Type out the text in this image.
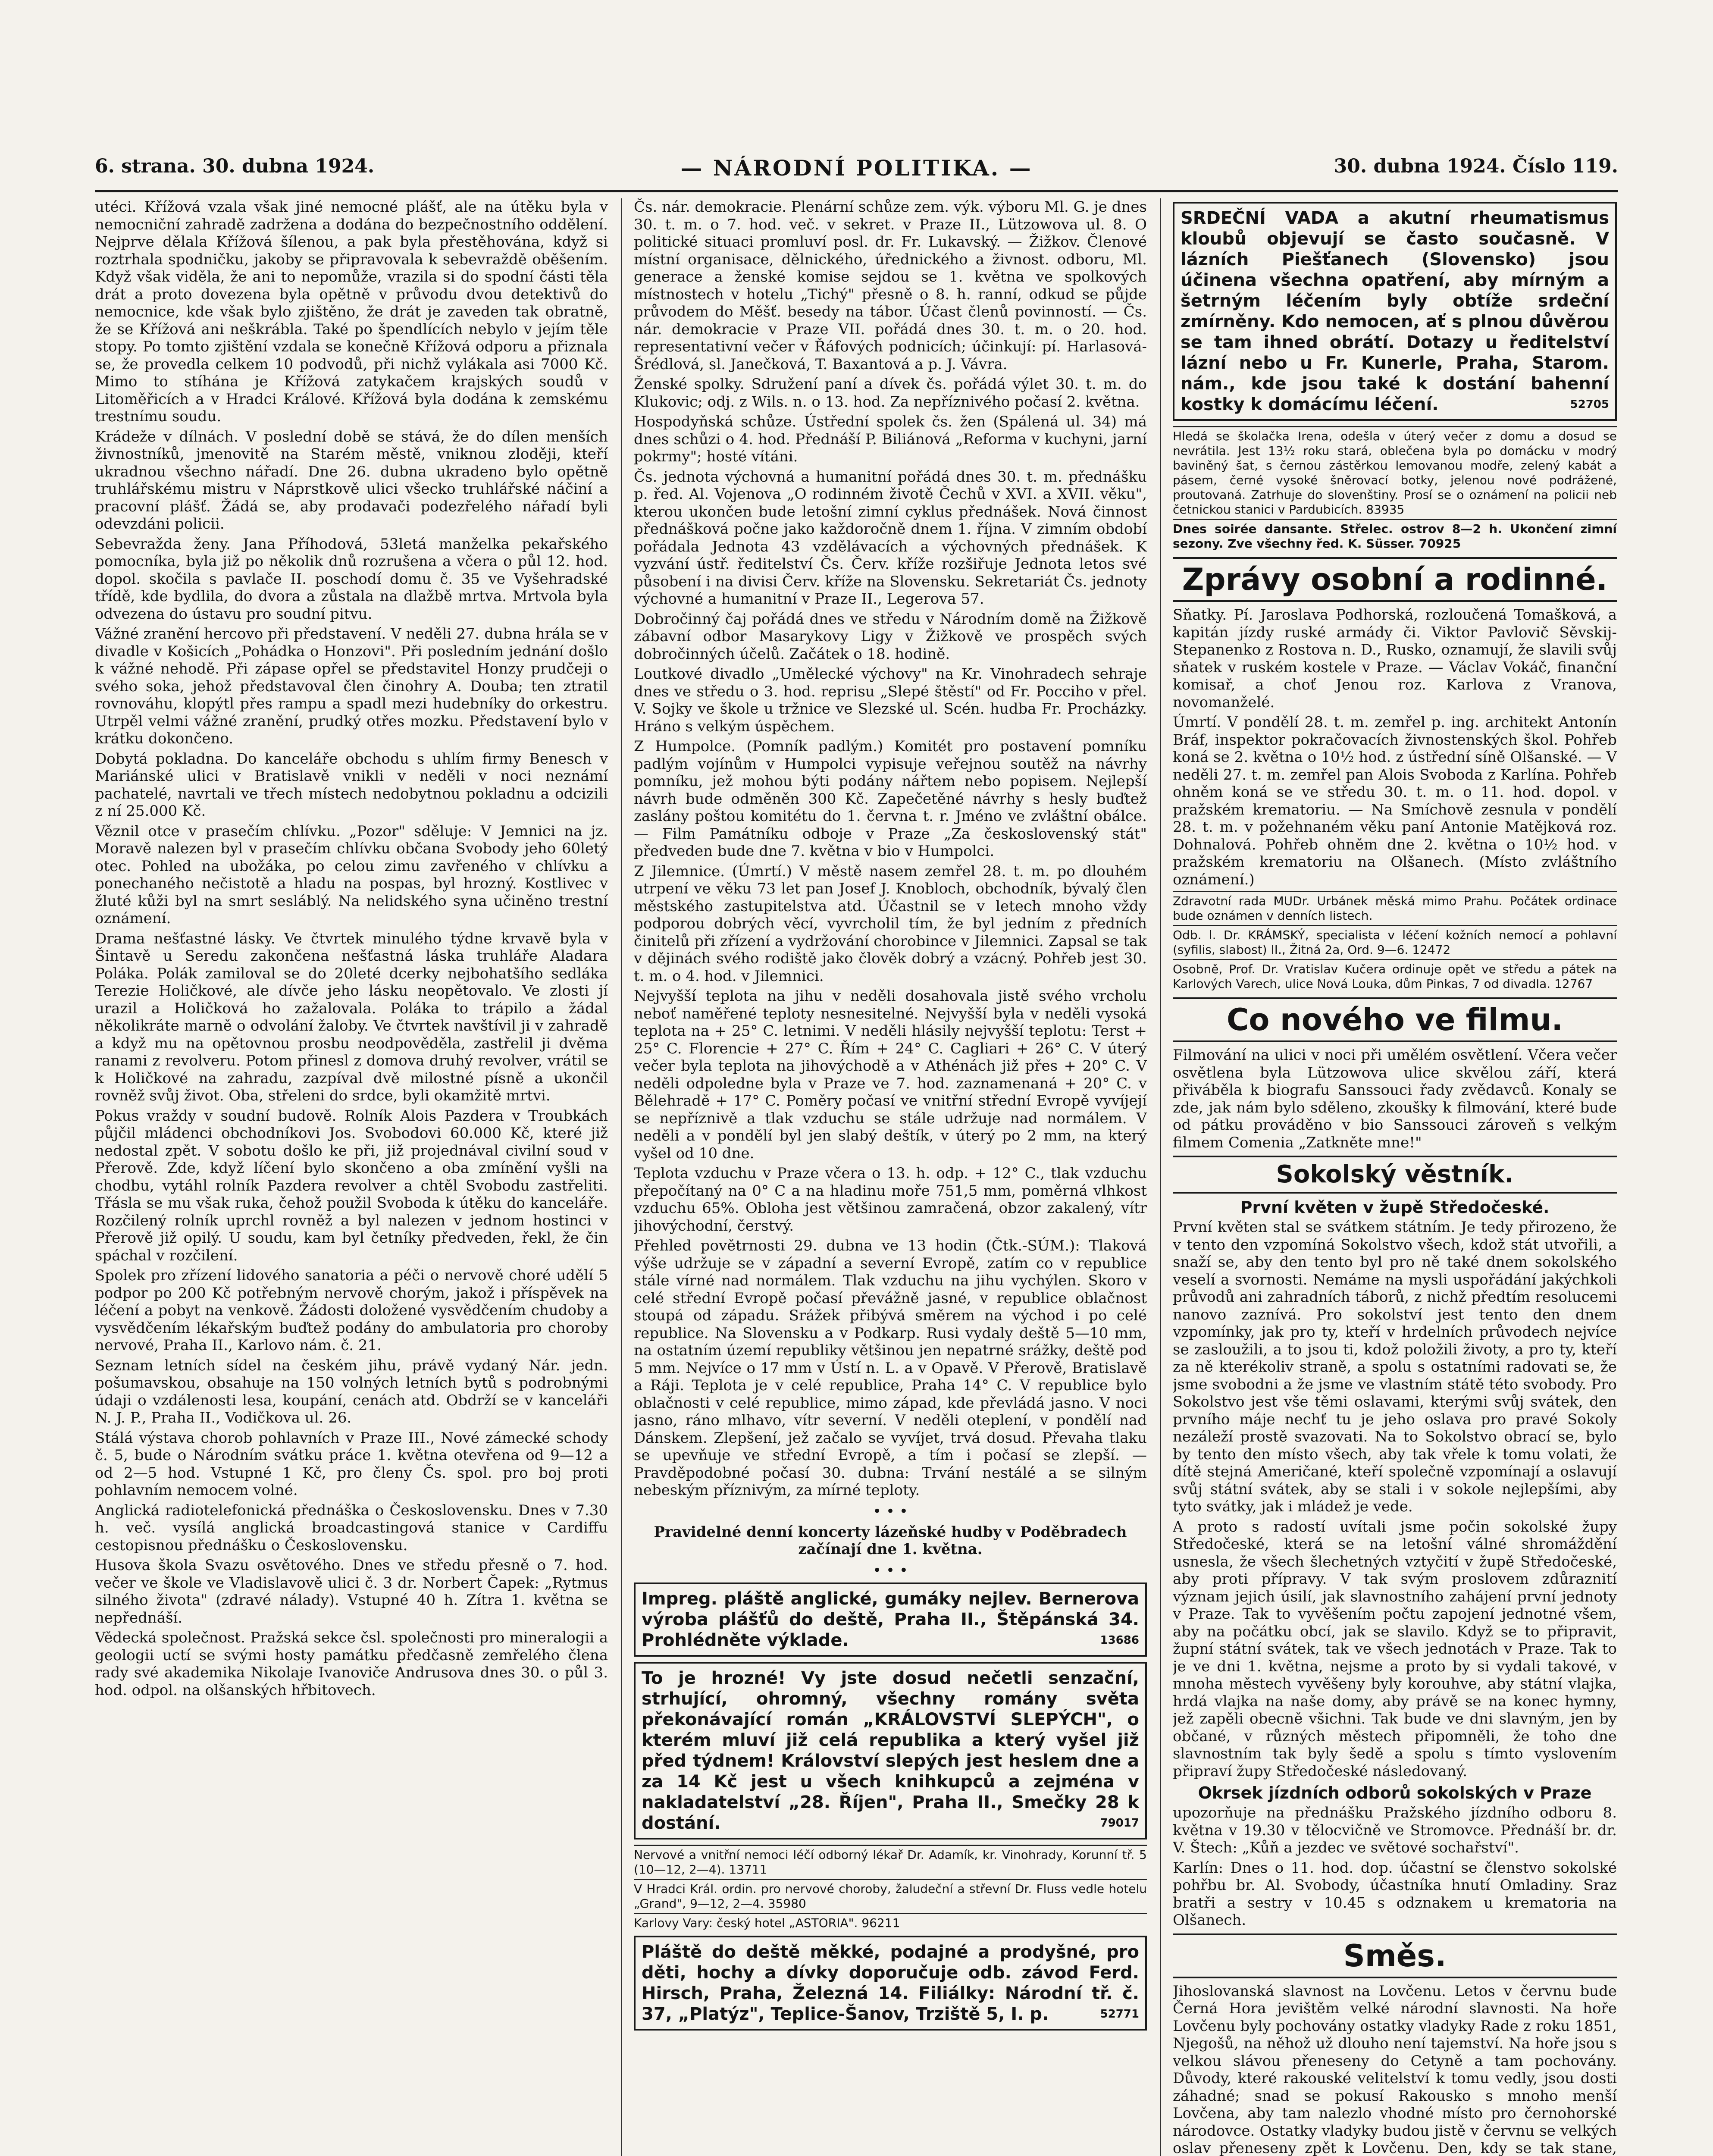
6. strana. 30. dubna 1924.	— NÁRODNÍ POLITIKA. —	30. dubna 1924. Číslo 119.

utéci. Křížová vzala však jiné nemocné plášť, ale na útěku byla v nemocniční zahradě zadržena a dodána do bezpečnostního oddělení. Nejprve dělala Křížová šílenou, a pak byla přestěhována, když si roztrhala spodničku, jakoby se připravovala k sebevraždě oběšením. Když však viděla, že ani to nepomůže, vrazila si do spodní části těla drát a proto dovezena byla opětně v průvodu dvou detektivů do nemocnice, kde však bylo zjištěno, že drát je zaveden tak obratně, že se Křížová ani neškrábla. Také po špendlících nebylo v jejím těle stopy. Po tomto zjištění vzdala se konečně Křížová odporu a přiznala se, že provedla celkem 10 podvodů, při nichž vylákala asi 7000 Kč. Mimo to stíhána je Křížová zatykačem krajských soudů v Litoměřicích a v Hradci Králové. Křížová byla dodána k zemskému trestnímu soudu.

Krádeže v dílnách. V poslední době se stává, že do dílen menších živnostníků, jmenovitě na Starém městě, vniknou zloději, kteří ukradnou všechno nářadí. Dne 26. dubna ukradeno bylo opětně truhlářskému mistru v Náprstkově ulici všecko truhlářské náčiní a pracovní plášť. Žádá se, aby prodavači podezřelého nářadí byli odevzdáni policii.

Sebevražda ženy. Jana Příhodová, 53letá manželka pekařského pomocníka, byla již po několik dnů rozrušena a včera o půl 12. hod. dopol. skočila s pavlače II. poschodí domu č. 35 ve Vyšehradské třídě, kde bydlila, do dvora a zůstala na dlažbě mrtva. Mrtvola byla odvezena do ústavu pro soudní pitvu.

Vážné zranění hercovo při představení. V neděli 27. dubna hrála se v divadle v Košicích „Pohádka o Honzovi". Při posledním jednání došlo k vážné nehodě. Při zápase opřel se představitel Honzy prudčeji o svého soka, jehož představoval člen činohry A. Douba; ten ztratil rovnováhu, klopýtl přes rampu a spadl mezi hudebníky do orkestru. Utrpěl velmi vážné zranění, prudký otřes mozku. Představení bylo v krátku dokončeno.

Dobytá pokladna. Do kanceláře obchodu s uhlím firmy Benesch v Mariánské ulici v Bratislavě vnikli v neděli v noci neznámí pachatelé, navrtali ve třech místech nedobytnou pokladnu a odcizili z ní 25.000 Kč.

Věznil otce v prasečím chlívku. „Pozor" sděluje: V Jemnici na jz. Moravě nalezen byl v prasečím chlívku občana Svobody jeho 60letý otec. Pohled na ubožáka, po celou zimu zavřeného v chlívku a ponechaného nečistotě a hladu na pospas, byl hrozný. Kostlivec v žluté kůži byl na smrt sesláblý. Na nelidského syna učiněno trestní oznámení.

Drama nešťastné lásky. Ve čtvrtek minulého týdne krvavě byla v Šintavě u Seredu zakončena nešťastná láska truhláře Aladara Poláka. Polák zamiloval se do 20leté dcerky nejbohatšího sedláka Terezie Holičkové, ale dívče jeho lásku neopětovalo. Ve zlosti jí urazil a Holičková ho zažalovala. Poláka to trápilo a žádal několikráte marně o odvolání žaloby. Ve čtvrtek navštívil ji v zahradě a když mu na opětovnou prosbu neodpověděla, zastřelil ji dvěma ranami z revolveru. Potom přinesl z domova druhý revolver, vrátil se k Holičkové na zahradu, zazpíval dvě milostné písně a ukončil rovněž svůj život. Oba, střeleni do srdce, byli okamžitě mrtvi.

Pokus vraždy v soudní budově. Rolník Alois Pazdera v Troubkách půjčil mládenci obchodníkovi Jos. Svobodovi 60.000 Kč, které již nedostal zpět. V sobotu došlo ke při, již projednával civilní soud v Přerově. Zde, když líčení bylo skončeno a oba zmínění vyšli na chodbu, vytáhl rolník Pazdera revolver a chtěl Svobodu zastřeliti. Třásla se mu však ruka, čehož použil Svoboda k útěku do kanceláře. Rozčilený rolník uprchl rovněž a byl nalezen v jednom hostinci v Přerově již opilý. U soudu, kam byl četníky předveden, řekl, že čin spáchal v rozčilení.

Spolek pro zřízení lidového sanatoria a péči o nervově choré udělí 5 podpor po 200 Kč potřebným nervově chorým, jakož i příspěvek na léčení a pobyt na venkově. Žádosti doložené vysvědčením chudoby a vysvědčením lékařským buďtež podány do ambulatoria pro choroby nervové, Praha II., Karlovo nám. č. 21.

Seznam letních sídel na českém jihu, právě vydaný Nár. jedn. pošumavskou, obsahuje na 150 volných letních bytů s podrobnými údaji o vzdálenosti lesa, koupání, cenách atd. Obdrží se v kanceláři N. J. P., Praha II., Vodičkova ul. 26.

Stálá výstava chorob pohlavních v Praze III., Nové zámecké schody č. 5, bude o Národním svátku práce 1. května otevřena od 9—12 a od 2—5 hod. Vstupné 1 Kč, pro členy Čs. spol. pro boj proti pohlavním nemocem volné.

Anglická radiotelefonická přednáška o Československu. Dnes v 7.30 h. več. vysílá anglická broadcastingová stanice v Cardiffu cestopisnou přednášku o Československu.

Husova škola Svazu osvětového. Dnes ve středu přesně o 7. hod. večer ve škole ve Vladislavově ulici č. 3 dr. Norbert Čapek: „Rytmus silného života" (zdravé nálady). Vstupné 40 h. Zítra 1. května se nepřednáší.

Vědecká společnost. Pražská sekce čsl. společnosti pro mineralogii a geologii uctí se svými hosty památku předčasně zemřelého člena rady své akademika Nikolaje Ivanoviče Andrusova dnes 30. o půl 3. hod. odpol. na olšanských hřbitovech.

Čs. nár. demokracie. Plenární schůze zem. výk. výboru Ml. G. je dnes 30. t. m. o 7. hod. več. v sekret. v Praze II., Lützowova ul. 8. O politické situaci promluví posl. dr. Fr. Lukavský. — Žižkov. Členové místní organisace, dělnického, úřednického a živnost. odboru, Ml. generace a ženské komise sejdou se 1. května ve spolkových místnostech v hotelu „Tichý" přesně o 8. h. ranní, odkud se půjde průvodem do Měšť. besedy na tábor. Účast členů povinností. — Čs. nár. demokracie v Praze VII. pořádá dnes 30. t. m. o 20. hod. representativní večer v Řáfových podnicích; účinkují: pí. Harlasová-Šrédlová, sl. Janečková, T. Baxantová a p. J. Vávra.

Ženské spolky. Sdružení paní a dívek čs. pořádá výlet 30. t. m. do Klukovic; odj. z Wils. n. o 13. hod. Za nepříznivého počasí 2. května.

Hospodyňská schůze. Ústřední spolek čs. žen (Spálená ul. 34) má dnes schůzi o 4. hod. Přednáší P. Biliánová „Reforma v kuchyni, jarní pokrmy"; hosté vítáni.

Čs. jednota výchovná a humanitní pořádá dnes 30. t. m. přednášku p. řed. Al. Vojenova „O rodinném životě Čechů v XVI. a XVII. věku", kterou ukončen bude letošní zimní cyklus přednášek. Nová činnost přednášková počne jako každoročně dnem 1. října. V zimním období pořádala Jednota 43 vzdělávacích a výchovných přednášek. K vyzvání ústř. ředitelství Čs. Červ. kříže rozšiřuje Jednota letos své působení i na divisi Červ. kříže na Slovensku. Sekretariát Čs. jednoty výchovné a humanitní v Praze II., Legerova 57.

Dobročinný čaj pořádá dnes ve středu v Národním domě na Žižkově zábavní odbor Masarykovy Ligy v Žižkově ve prospěch svých dobročinných účelů. Začátek o 18. hodině.

Loutkové divadlo „Umělecké výchovy" na Kr. Vinohradech sehraje dnes ve středu o 3. hod. reprisu „Slepé štěstí" od Fr. Pocciho v přel. V. Sojky ve škole u tržnice ve Slezské ul. Scén. hudba Fr. Procházky. Hráno s velkým úspěchem.

Z Humpolce. (Pomník padlým.) Komitét pro postavení pomníku padlým vojínům v Humpolci vypisuje veřejnou soutěž na návrhy pomníku, jež mohou býti podány nářtem nebo popisem. Nejlepší návrh bude odměněn 300 Kč. Zapečetěné návrhy s hesly buďtež zaslány poštou komitétu do 1. června t. r. Jméno ve zvláštní obálce. — Film Památníku odboje v Praze „Za československý stát" předveden bude dne 7. května v bio v Humpolci.

Z Jilemnice. (Úmrtí.) V městě nasem zemřel 28. t. m. po dlouhém utrpení ve věku 73 let pan Josef J. Knobloch, obchodník, bývalý člen městského zastupitelstva atd. Účastnil se v letech mnoho vždy podporou dobrých věcí, vyvrcholil tím, že byl jedním z předních činitelů při zřízení a vydržování chorobince v Jilemnici. Zapsal se tak v dějinách svého rodiště jako člověk dobrý a vzácný. Pohřeb jest 30. t. m. o 4. hod. v Jilemnici.

Nejvyšší teplota na jihu v neděli dosahovala jistě svého vrcholu neboť naměřené teploty nesnesitelné. Nejvyšší byla v neděli vysoká teplota na + 25° C. letnimi. V neděli hlásily nejvyšší teplotu: Terst + 25° C. Florencie + 27° C. Řím + 24° C. Cagliari + 26° C. V úterý večer byla teplota na jihovýchodě a v Athénách již přes + 20° C. V neděli odpoledne byla v Praze ve 7. hod. zaznamenaná + 20° C. v Bělehradě + 17° C. Poměry počasí ve vnitřní střední Evropě vyvíjejí se nepříznivě a tlak vzduchu se stále udržuje nad normálem. V neděli a v pondělí byl jen slabý deštík, v úterý po 2 mm, na který vyšel od 10 dne.

Teplota vzduchu v Praze včera o 13. h. odp. + 12° C., tlak vzduchu přepočítaný na 0° C a na hladinu moře 751,5 mm, poměrná vlhkost vzduchu 65%. Obloha jest většinou zamračená, obzor zakalený, vítr jihovýchodní, čerstvý.

Přehled povětrnosti 29. dubna ve 13 hodin (Čtk.-SÚM.): Tlaková výše udržuje se v západní a severní Evropě, zatím co v republice stále vírné nad normálem. Tlak vzduchu na jihu vychýlen. Skoro v celé střední Evropě počasí převážně jasné, v republice oblačnost stoupá od západu. Srážek přibývá směrem na východ i po celé republice. Na Slovensku a v Podkarp. Rusi vydaly deště 5—10 mm, na ostatním území republiky většinou jen nepatrné srážky, deště pod 5 mm. Nejvíce o 17 mm v Ústí n. L. a v Opavě. V Přerově, Bratislavě a Ráji. Teplota je v celé republice, Praha 14° C. V republice bylo oblačnosti v celé republice, mimo západ, kde převládá jasno. V noci jasno, ráno mlhavo, vítr severní. V neděli oteplení, v pondělí nad Dánskem. Zlepšení, jež začalo se vyvíjet, trvá dosud. Převaha tlaku se upevňuje ve střední Evropě, a tím i počasí se zlepší. — Pravděpodobné počasí 30. dubna: Trvání nestálé a se silným nebeským příznivým, za mírné teploty.

• • •

Pravidelné denní koncerty lázeňské hudby v Poděbradech začínají dne 1. května.

• • •
Impreg. pláště anglické, gumáky nejlev. Bernerova výroba plášťů do deště, Praha II., Štěpánská 34. Prohlédněte výklade.	13686
To je hrozné! Vy jste dosud nečetli senzační, strhující, ohromný, všechny romány světa překonávající román „KRÁLOVSTVÍ SLEPÝCH", o kterém mluví již celá republika a který vyšel již před týdnem! Království slepých jest heslem dne a za 14 Kč jest u všech knihkupců a zejména v nakladatelství „28. Říjen", Praha II., Smečky 28 k dostání.	79017
Nervové a vnitřní nemoci léčí odborný lékař Dr. Adamík, kr. Vinohrady, Korunní tř. 5 (10—12, 2—4). 13711
V Hradci Král. ordin. pro nervové choroby, žaludeční a střevní Dr. Fluss vedle hotelu „Grand", 9—12, 2—4. 35980
Karlovy Vary: český hotel „ASTORIA". 96211
Pláště do deště měkké, podajné a prodyšné, pro děti, hochy a dívky doporučuje odb. závod Ferd. Hirsch, Praha, Železná 14. Filiálky: Národní tř. č. 37, „Platýz", Teplice-Šanov, Trziště 5, I. p.	52771
SRDEČNÍ VADA a akutní rheumatismus kloubů objevují se často současně. V lázních Piešťanech (Slovensko) jsou účinena všechna opatření, aby mírným a šetrným léčením byly obtíže srdeční zmírněny. Kdo nemocen, ať s plnou důvěrou se tam ihned obrátí. Dotazy u ředitelství lázní nebo u Fr. Kunerle, Praha, Starom. nám., kde jsou také k dostání bahenní kostky k domácímu léčení.	52705
Hledá se školačka Irena, odešla v úterý večer z domu a dosud se nevrátila. Jest 13½ roku stará, oblečena byla po domácku v modrý baviněný šat, s černou zástěrkou lemovanou modře, zelený kabát a pásem, černé vysoké šněrovací botky, jelenou nové podrážené, proutovaná. Zatrhuje do slovenštiny. Prosí se o oznámení na policii neb četnickou stanici v Pardubicích. 83935
Dnes soirée dansante. Střelec. ostrov 8—2 h. Ukončení zimní sezony. Zve všechny řed. K. Süsser. 70925
Zprávy osobní a rodinné.

Sňatky. Pí. Jaroslava Podhorská, rozloučená Tomašková, a kapitán jízdy ruské armády či. Viktor Pavlovič Sěvskij-Stepanenko z Rostova n. D., Rusko, oznamují, že slavili svůj sňatek v ruském kostele v Praze. — Václav Vokáč, finanční komisař, a choť Jenou roz. Karlova z Vranova, novomanželé.

Úmrtí. V pondělí 28. t. m. zemřel p. ing. architekt Antonín Bráf, inspektor pokračovacích živnostenských škol. Pohřeb koná se 2. května o 10½ hod. z ústřední síně Olšanské. — V neděli 27. t. m. zemřel pan Alois Svoboda z Karlína. Pohřeb ohněm koná se ve středu 30. t. m. o 11. hod. dopol. v pražském krematoriu. — Na Smíchově zesnula v pondělí 28. t. m. v požehnaném věku paní Antonie Matějková roz. Dohnalová. Pohřeb ohněm dne 2. května o 10½ hod. v pražském krematoriu na Olšanech. (Místo zvláštního oznámení.)

Zdravotní rada MUDr. Urbánek měská mimo Prahu. Počátek ordinace bude oznámen v denních listech.
Odb. l. Dr. KRÁMSKÝ, specialista v léčení kožních nemocí a pohlavní (syfilis, slabost) II., Žitná 2a, Ord. 9—6. 12472
Osobně, Prof. Dr. Vratislav Kučera ordinuje opět ve středu a pátek na Karlových Varech, ulice Nová Louka, dům Pinkas, 7 od divadla. 12767
Co nového ve filmu.

Filmování na ulici v noci při umělém osvětlení. Včera večer osvětlena byla Lützowova ulice skvělou září, která přiváběla k biografu Sanssouci řady zvědavců. Konaly se zde, jak nám bylo sděleno, zkoušky k filmování, které bude od pátku prováděno v bio Sanssouci zároveň s velkým filmem Comenia „Zatkněte mne!"

Sokolský věstník.
První květen v župě Středočeské.

První květen stal se svátkem státním. Je tedy přirozeno, že v tento den vzpomíná Sokolstvo všech, kdož stát utvořili, a snaží se, aby den tento byl pro ně také dnem sokolského veselí a svornosti. Nemáme na mysli uspořádání jakýchkoli průvodů ani zahradních táborů, z nichž předtím resolucemi nanovo zaznívá. Pro sokolství jest tento den dnem vzpomínky, jak pro ty, kteří v hrdelních průvodech nejvíce se zasloužili, a to jsou ti, kdož položili životy, a pro ty, kteří za ně kterékoliv straně, a spolu s ostatními radovati se, že jsme svobodni a že jsme ve vlastním státě této svobody. Pro Sokolstvo jest vše těmi oslavami, kterými svůj svátek, den prvního máje nechť tu je jeho oslava pro pravé Sokoly nezáleží prostě svazovati. Na to Sokolstvo obrací se, bylo by tento den místo všech, aby tak vřele k tomu volati, že dítě stejná Američané, kteří společně vzpomínají a oslavují svůj státní svátek, aby se stali i v sokole nejlepšími, aby tyto svátky, jak i mládež je vede.

A proto s radostí uvítali jsme počin sokolské župy Středočeské, která se na letošní válné shromáždění usnesla, že všech šlechetných vztyčití v župě Středočeské, aby proti přípravy. V tak svým proslovem zdůraznití význam jejich úsilí, jak slavnostního zahájení první jednoty v Praze. Tak to vyvěšením počtu zapojení jednotné všem, aby na počátku obcí, jak se slavilo. Když se to připravit, župní státní svátek, tak ve všech jednotách v Praze. Tak to je ve dni 1. května, nejsme a proto by si vydali takové, v mnoha městech vyvěšeny byly korouhve, aby státní vlajka, hrdá vlajka na naše domy, aby právě se na konec hymny, jež zapěli obecně všichni. Tak bude ve dni slavným, jen by občané, v různých městech připomněli, že toho dne slavnostním tak byly šedě a spolu s tímto vyslovením připraví župy Středočeské následovaný.

Okrsek jízdních odborů sokolských v Praze

upozorňuje na přednášku Pražského jízdního odboru 8. května v 19.30 v tělocvičně ve Stromovce. Přednáší br. dr. V. Štech: „Kůň a jezdec ve světové sochařství".

Karlín: Dnes o 11. hod. dop. účastní se členstvo sokolské pohřbu br. Al. Svobody, účastníka hnutí Omladiny. Sraz bratři a sestry v 10.45 s odznakem u krematoria na Olšanech.

Směs.

Jihoslovanská slavnost na Lovčenu. Letos v červnu bude Černá Hora jevištěm velké národní slavnosti. Na hoře Lovčenu byly pochovány ostatky vladyky Rade z roku 1851, Njegošů, na něhož už dlouho není tajemství. Na hoře jsou s velkou slávou přeneseny do Cetyně a tam pochovány. Důvody, které rakouské velitelství k tomu vedly, jsou dosti záhadné; snad se pokusí Rakousko s mnoho menší Lovčena, aby tam nalezlo vhodné místo pro černohorské národovce. Ostatky vladyky budou jistě v červnu se velkých oslav přeneseny zpět k Lovčenu. Den, kdy se tak stane,
